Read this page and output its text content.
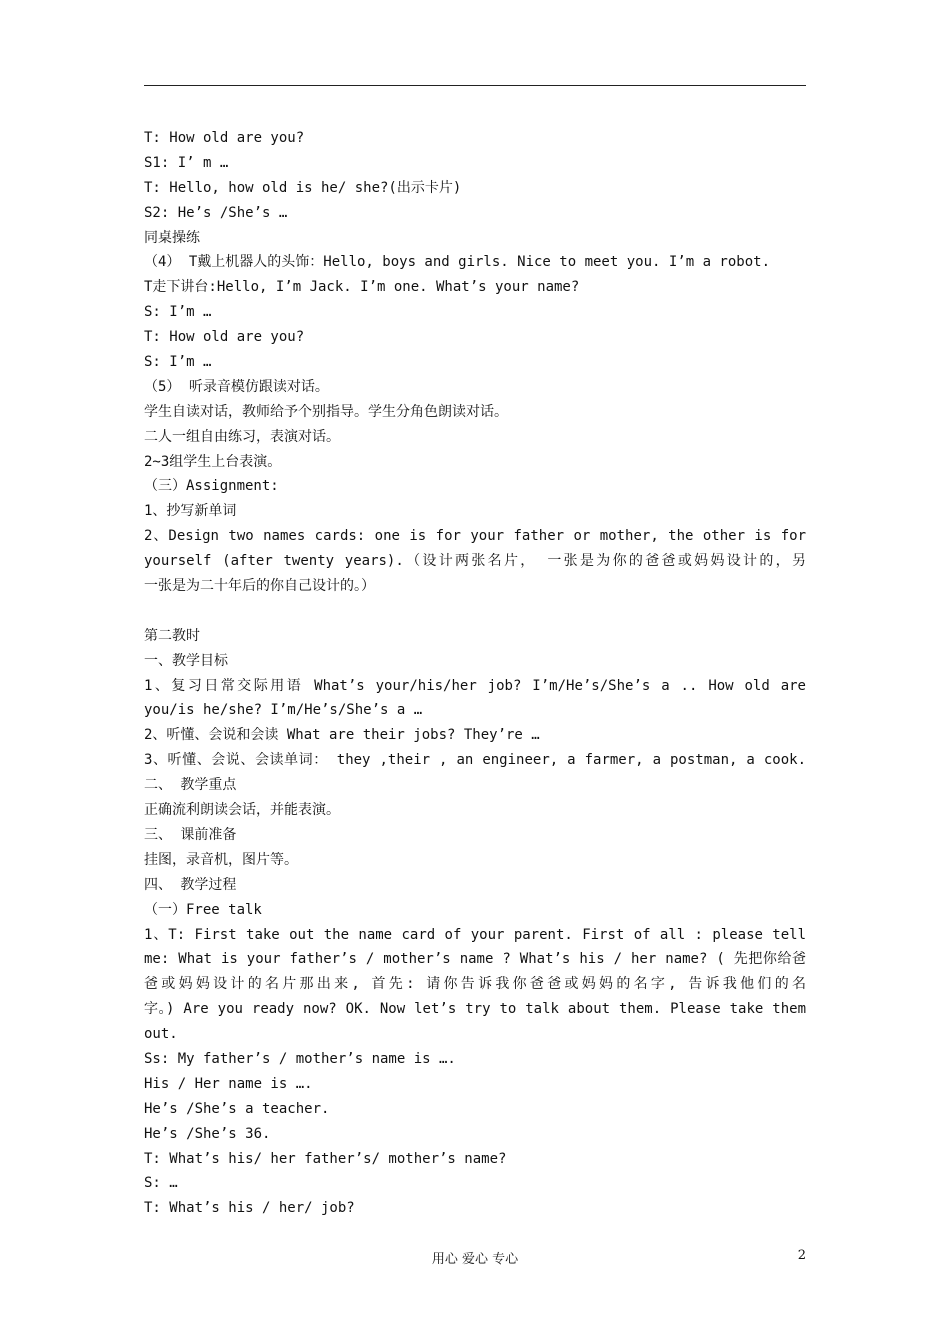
T: How old are you?
S1: I’ m …
T: Hello, how old is he/ she?(出示卡片)
S2: He’s /She’s …
同桌操练
（4） T戴上机器人的头饰：Hello, boys and girls. Nice to meet you. I’m a robot.
T走下讲台:Hello, I’m Jack. I’m one. What’s your name?
S: I’m …
T: How old are you?
S: I’m …
（5） 听录音模仿跟读对话。
学生自读对话，教师给予个别指导。学生分角色朗读对话。
二人一组自由练习，表演对话。
2~3组学生上台表演。
（三）Assignment:
1、抄写新单词
2、Design two names cards: one is for your father or mother, the other is for
yourself (after twenty years).（设计两张名片， 一张是为你的爸爸或妈妈设计的，另
一张是为二十年后的你自己设计的。）
第二教时
一、教学目标
1、复习日常交际用语 What’s your/his/her job? I’m/He’s/She’s a .. How old are
you/is he/she? I’m/He’s/She’s a …
2、听懂、会说和会读 What are their jobs? They’re …
3、听懂、会说、会读单词： they ,their , an engineer, a farmer, a postman, a cook.
二、 教学重点
正确流利朗读会话，并能表演。
三、 课前准备
挂图，录音机，图片等。
四、 教学过程
（一）Free talk
1、T: First take out the name card of your parent. First of all : please tell
me: What is your father’s / mother’s name ? What’s his / her name? ( 先把你给爸
爸或妈妈设计的名片那出来, 首先: 请你告诉我你爸爸或妈妈的名字, 告诉我他们的名
字。) Are you ready now? OK. Now let’s try to talk about them. Please take them
out.
Ss: My father’s / mother’s name is ….
His / Her name is ….
He’s /She’s a teacher.
He’s /She’s 36.
T: What’s his/ her father’s/ mother’s name?
S: …
T: What’s his / her/ job?
用心 爱心 专心	2
